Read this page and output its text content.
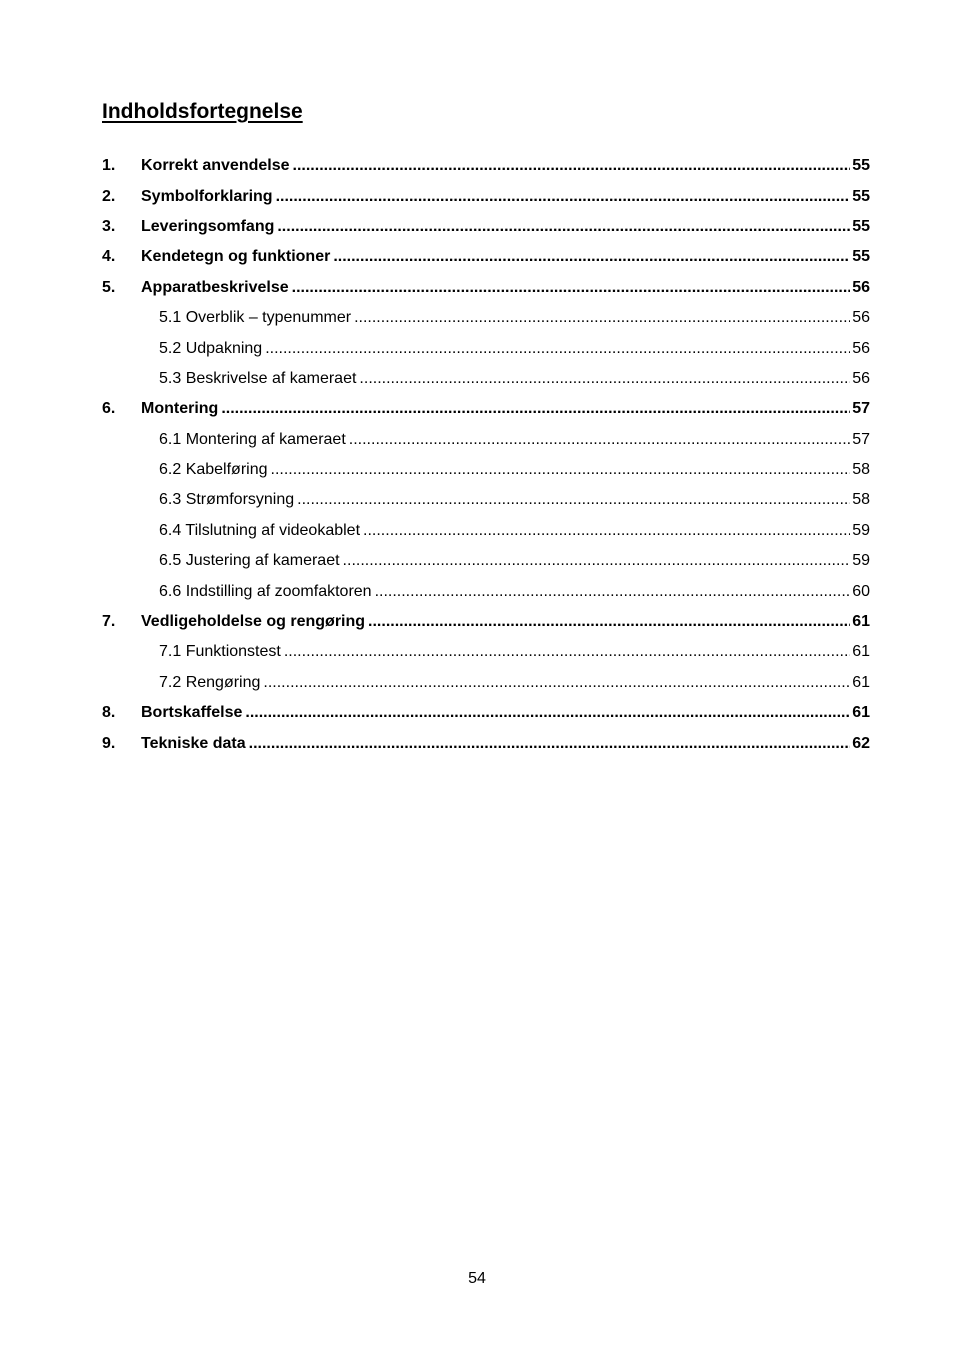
Indholdsfortegnelse
1.	Korrekt anvendelse .....	55
2.	Symbolforklaring .....	55
3.	Leveringsomfang .....	55
4.	Kendetegn og funktioner .....	55
5.	Apparatbeskrivelse .....	56
5.1 Overblik – typenummer .....	56
5.2 Udpakning .....	56
5.3 Beskrivelse af kameraet .....	56
6.	Montering .....	57
6.1 Montering af kameraet .....	57
6.2 Kabelføring .....	58
6.3 Strømforsyning .....	58
6.4 Tilslutning af videokablet .....	59
6.5 Justering af kameraet .....	59
6.6 Indstilling af zoomfaktoren .....	60
7.	Vedligeholdelse og rengøring .....	61
7.1 Funktionstest .....	61
7.2 Rengøring .....	61
8.	Bortskaffelse .....	61
9.	Tekniske data .....	62
54
